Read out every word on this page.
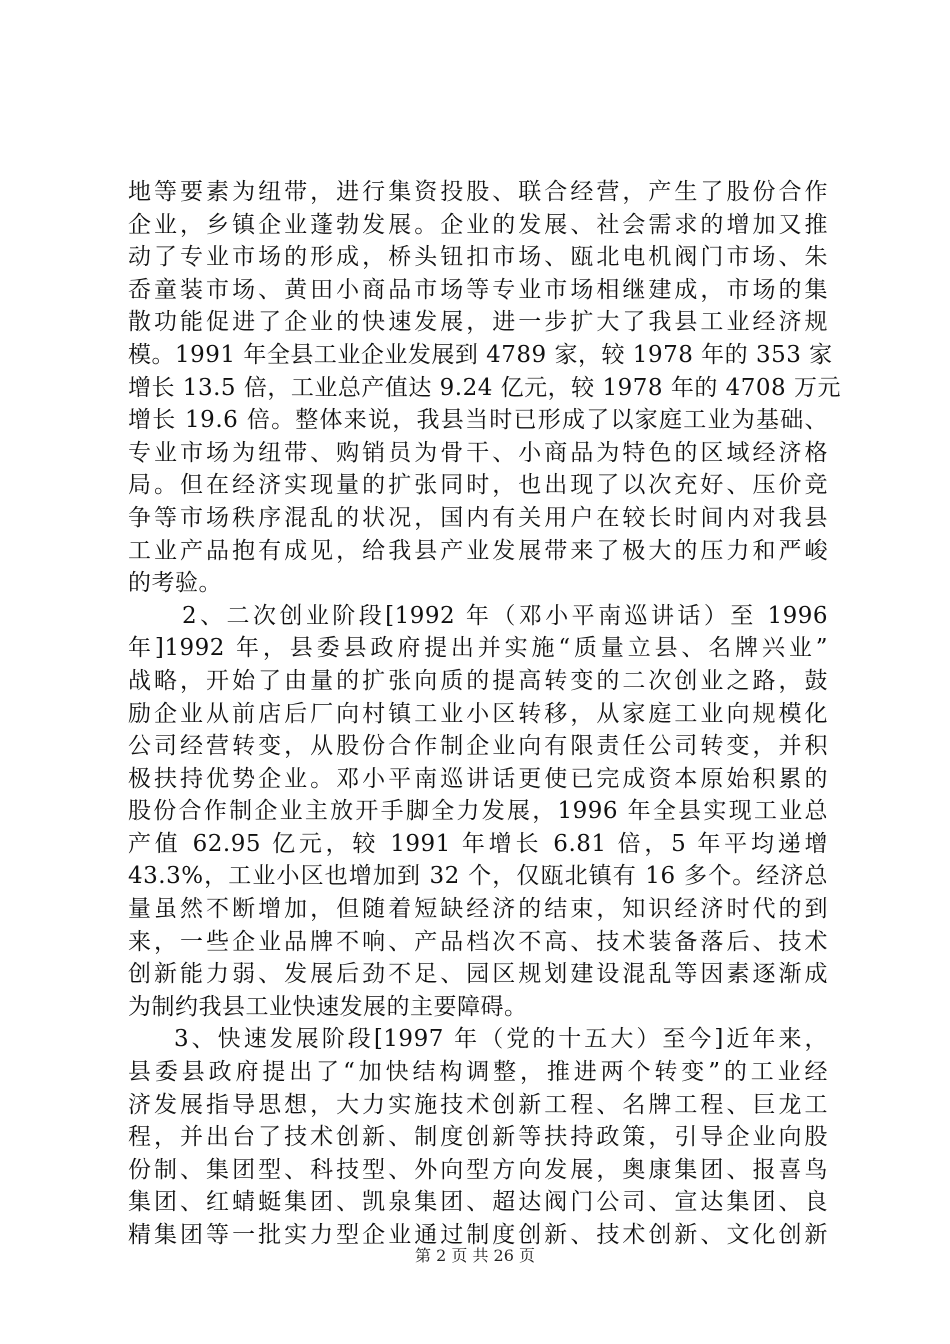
地等要素为纽带，进行集资投股、联合经营，产生了股份合作
企业，乡镇企业蓬勃发展。企业的发展、社会需求的增加又推
动了专业市场的形成，桥头钮扣市场、瓯北电机阀门市场、朱
岙童装市场、黄田小商品市场等专业市场相继建成，市场的集
散功能促进了企业的快速发展，进一步扩大了我县工业经济规
模。1991 年全县工业企业发展到 4789 家，较 1978 年的 353 家
增长 13.5 倍，工业总产值达 9.24 亿元，较 1978 年的 4708 万元
增长 19.6 倍。整体来说，我县当时已形成了以家庭工业为基础、
专业市场为纽带、购销员为骨干、小商品为特色的区域经济格
局。但在经济实现量的扩张同时，也出现了以次充好、压价竞
争等市场秩序混乱的状况，国内有关用户在较长时间内对我县
工业产品抱有成见，给我县产业发展带来了极大的压力和严峻
的考验。
2、二次创业阶段[1992 年（邓小平南巡讲话）至 1996
年]1992 年，县委县政府提出并实施“质量立县、名牌兴业”
战略，开始了由量的扩张向质的提高转变的二次创业之路，鼓
励企业从前店后厂向村镇工业小区转移，从家庭工业向规模化
公司经营转变，从股份合作制企业向有限责任公司转变，并积
极扶持优势企业。邓小平南巡讲话更使已完成资本原始积累的
股份合作制企业主放开手脚全力发展，1996 年全县实现工业总
产值 62.95 亿元，较 1991 年增长 6.81 倍，5 年平均递增
43.3%，工业小区也增加到 32 个，仅瓯北镇有 16 多个。经济总
量虽然不断增加，但随着短缺经济的结束，知识经济时代的到
来，一些企业品牌不响、产品档次不高、技术装备落后、技术
创新能力弱、发展后劲不足、园区规划建设混乱等因素逐渐成
为制约我县工业快速发展的主要障碍。
3、快速发展阶段[1997 年（党的十五大）至今]近年来，
县委县政府提出了“加快结构调整，推进两个转变”的工业经
济发展指导思想，大力实施技术创新工程、名牌工程、巨龙工
程，并出台了技术创新、制度创新等扶持政策，引导企业向股
份制、集团型、科技型、外向型方向发展，奥康集团、报喜鸟
集团、红蜻蜓集团、凯泉集团、超达阀门公司、宣达集团、良
精集团等一批实力型企业通过制度创新、技术创新、文化创新
第 2 页 共 26 页
